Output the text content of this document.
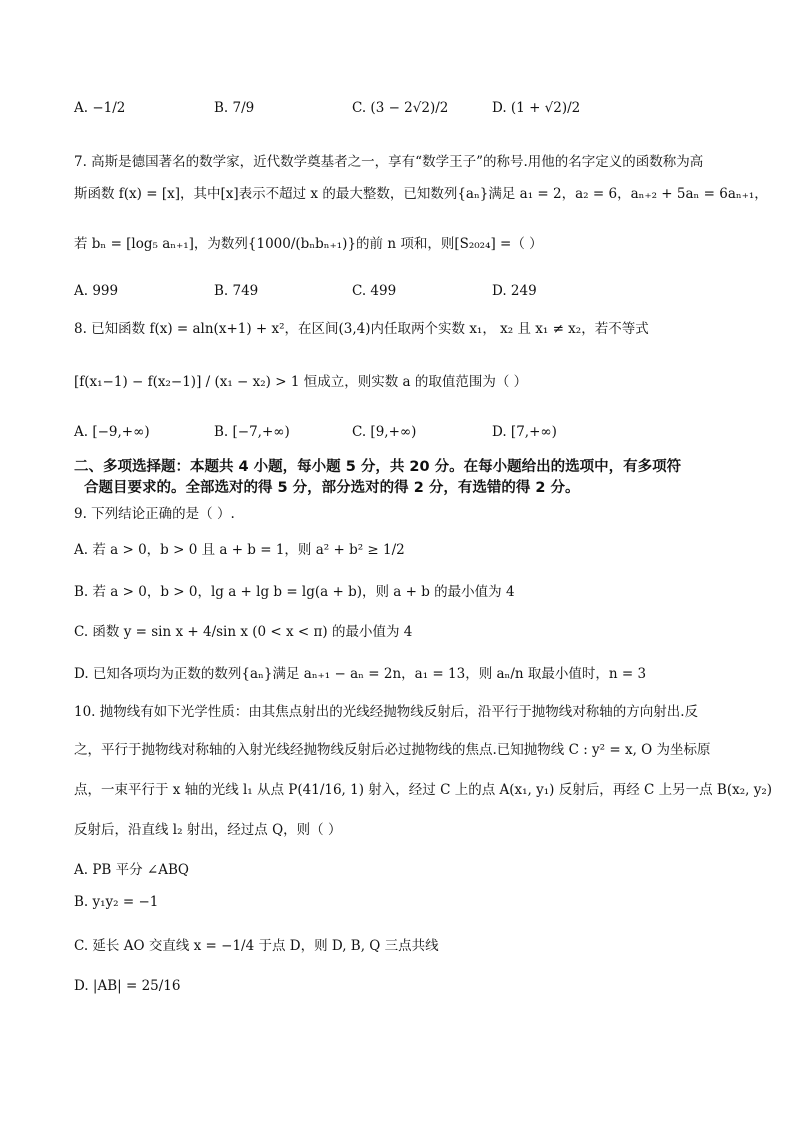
A. −1/2	B. 7/9	C. (3 − 2√2)/2	D. (1 + √2)/2
7. 高斯是德国著名的数学家，近代数学奠基者之一，享有“数学王子”的称号.用他的名字定义的函数称为高
斯函数 f(x) = [x]，其中[x]表示不超过 x 的最大整数，已知数列{aₙ}满足 a₁ = 2，a₂ = 6，aₙ₊₂ + 5aₙ = 6aₙ₊₁，
若 bₙ = [log₅ aₙ₊₁]，为数列{1000/(bₙbₙ₊₁)}的前 n 项和，则[S₂₀₂₄] =（ ）
A. 999	B. 749	C. 499	D. 249
8. 已知函数 f(x) = aln(x+1) + x²，在区间(3,4)内任取两个实数 x₁， x₂ 且 x₁ ≠ x₂，若不等式
[f(x₁−1) − f(x₂−1)] / (x₁ − x₂) > 1 恒成立，则实数 a 的取值范围为（ ）
A. [−9,+∞)	B. [−7,+∞)	C. [9,+∞)	D. [7,+∞)
二、多项选择题：本题共 4 小题，每小题 5 分，共 20 分。在每小题给出的选项中，有多项符
合题目要求的。全部选对的得 5 分，部分选对的得 2 分，有选错的得 2 分。
9. 下列结论正确的是（ ）.
A. 若 a > 0，b > 0 且 a + b = 1，则 a² + b² ≥ 1/2
B. 若 a > 0，b > 0，lg a + lg b = lg(a + b)，则 a + b 的最小值为 4
C. 函数 y = sin x + 4/sin x (0 < x < π) 的最小值为 4
D. 已知各项均为正数的数列{aₙ}满足 aₙ₊₁ − aₙ = 2n，a₁ = 13，则 aₙ/n 取最小值时，n = 3
10. 抛物线有如下光学性质：由其焦点射出的光线经抛物线反射后，沿平行于抛物线对称轴的方向射出.反
之，平行于抛物线对称轴的入射光线经抛物线反射后必过抛物线的焦点.已知抛物线 C : y² = x, O 为坐标原
点，一束平行于 x 轴的光线 l₁ 从点 P(41/16, 1) 射入，经过 C 上的点 A(x₁, y₁) 反射后，再经 C 上另一点 B(x₂, y₂)
反射后，沿直线 l₂ 射出，经过点 Q，则（ ）
A. PB 平分 ∠ABQ
B. y₁y₂ = −1
C. 延长 AO 交直线 x = −1/4 于点 D，则 D, B, Q 三点共线
D. |AB| = 25/16
